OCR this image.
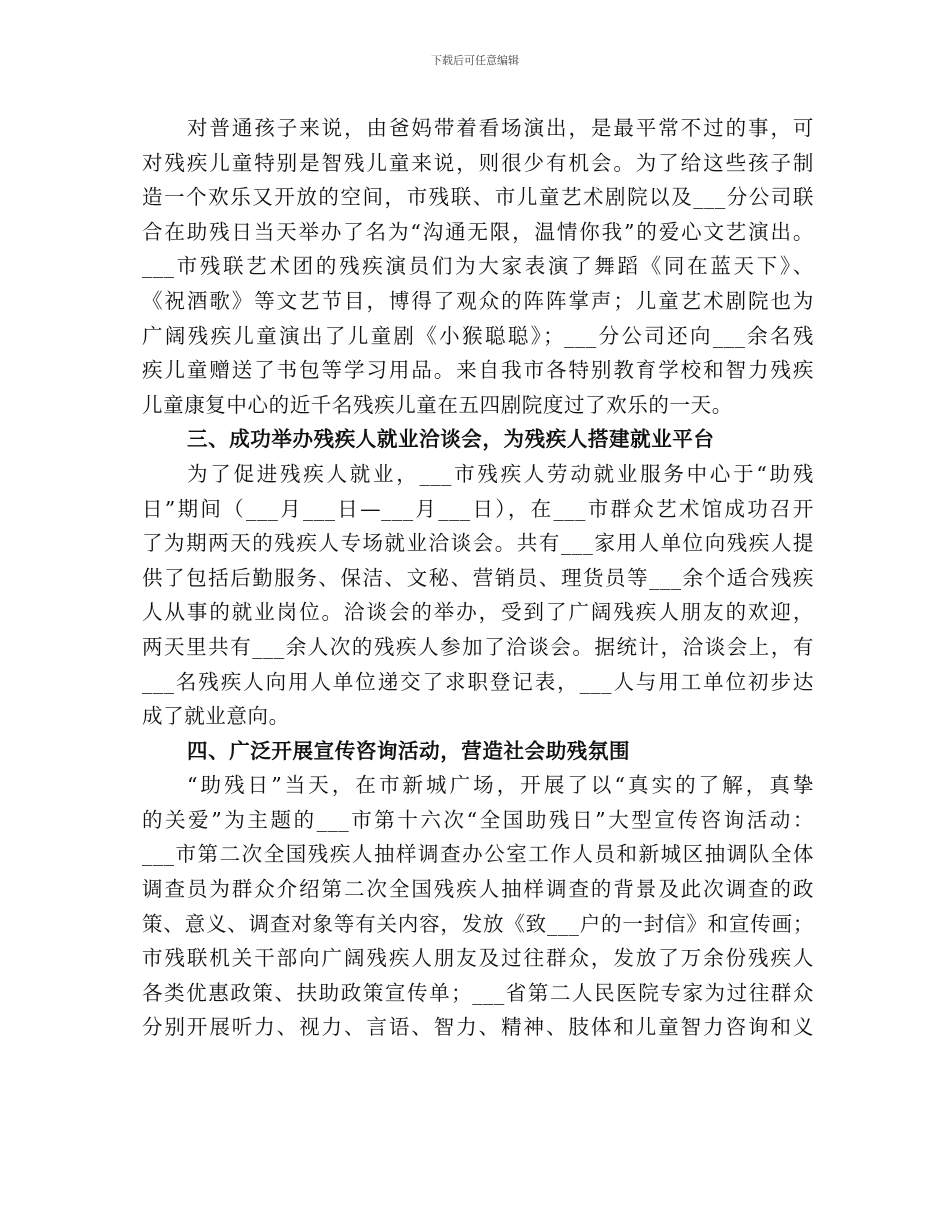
下载后可任意编辑
对普通孩子来说，由爸妈带着看场演出，是最平常不过的事，可
对残疾儿童特别是智残儿童来说，则很少有机会。为了给这些孩子制
造一个欢乐又开放的空间，市残联、市儿童艺术剧院以及___分公司联
合在助残日当天举办了名为“沟通无限，温情你我”的爱心文艺演出。
___市残联艺术团的残疾演员们为大家表演了舞蹈《同在蓝天下》、
《祝酒歌》等文艺节目，博得了观众的阵阵掌声；儿童艺术剧院也为
广阔残疾儿童演出了儿童剧《小猴聪聪》；___分公司还向___余名残
疾儿童赠送了书包等学习用品。来自我市各特别教育学校和智力残疾
儿童康复中心的近千名残疾儿童在五四剧院度过了欢乐的一天。
三、成功举办残疾人就业洽谈会，为残疾人搭建就业平台
为了促进残疾人就业，___市残疾人劳动就业服务中心于“助残
日”期间（___月___日—___月___日），在___市群众艺术馆成功召开
了为期两天的残疾人专场就业洽谈会。共有___家用人单位向残疾人提
供了包括后勤服务、保洁、文秘、营销员、理货员等___余个适合残疾
人从事的就业岗位。洽谈会的举办，受到了广阔残疾人朋友的欢迎，
两天里共有___余人次的残疾人参加了洽谈会。据统计，洽谈会上，有
___名残疾人向用人单位递交了求职登记表，___人与用工单位初步达
成了就业意向。
四、广泛开展宣传咨询活动，营造社会助残氛围
“助残日”当天，在市新城广场，开展了以“真实的了解，真挚
的关爱”为主题的___市第十六次“全国助残日”大型宣传咨询活动：
___市第二次全国残疾人抽样调查办公室工作人员和新城区抽调队全体
调查员为群众介绍第二次全国残疾人抽样调查的背景及此次调查的政
策、意义、调查对象等有关内容，发放《致___户的一封信》和宣传画；
市残联机关干部向广阔残疾人朋友及过往群众，发放了万余份残疾人
各类优惠政策、扶助政策宣传单；___省第二人民医院专家为过往群众
分别开展听力、视力、言语、智力、精神、肢体和儿童智力咨询和义
